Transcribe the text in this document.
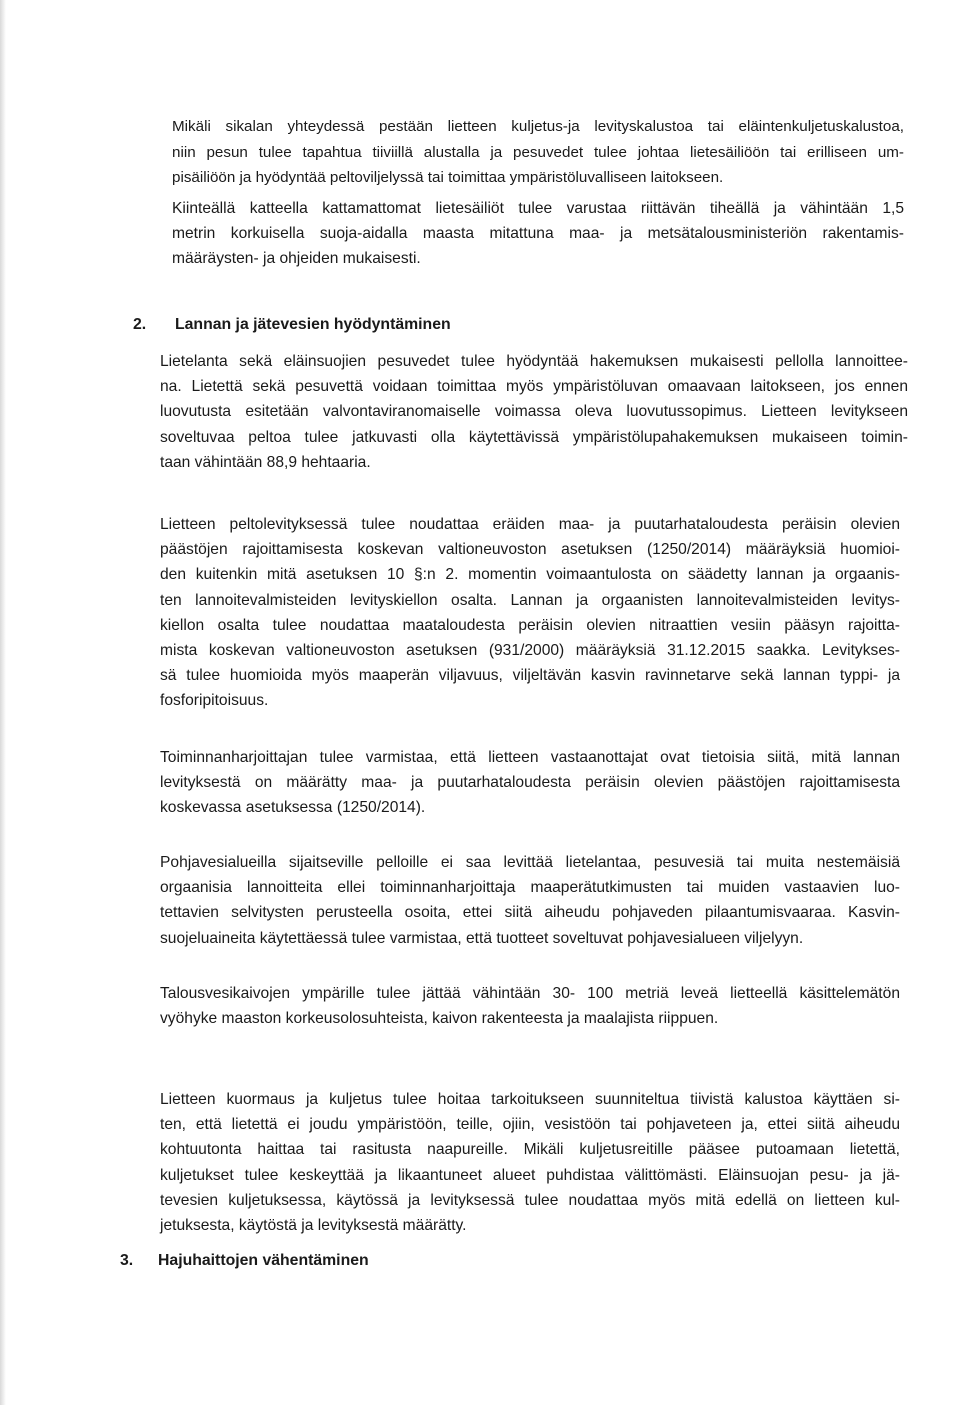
Mikäli sikalan yhteydessä pestään lietteen kuljetus-ja levityskalustoa tai eläintenkuljetuskalustoa,
niin pesun tulee tapahtua tiiviillä alustalla ja pesuvedet tulee johtaa lietesäiliöön tai erilliseen um-
pisäiliöön ja hyödyntää peltoviljelyssä tai toimittaa ympäristöluvalliseen laitokseen.

Kiinteällä katteella kattamattomat lietesäiliöt tulee varustaa riittävän tiheällä ja vähintään 1,5
metrin korkuisella suoja-aidalla maasta mitattuna maa- ja metsätalousministeriön rakentamis-
määräysten- ja ohjeiden mukaisesti.

2. Lannan ja jätevesien hyödyntäminen

Lietelanta sekä eläinsuojien pesuvedet tulee hyödyntää hakemuksen mukaisesti pellolla lannoittee-
na. Lietettä sekä pesuvettä voidaan toimittaa myös ympäristöluvan omaavaan laitokseen, jos ennen
luovutusta esitetään valvontaviranomaiselle voimassa oleva luovutussopimus. Lietteen levitykseen
soveltuvaa peltoa tulee jatkuvasti olla käytettävissä ympäristölupahakemuksen mukaiseen toimin-
taan vähintään 88,9 hehtaaria.

Lietteen peltolevityksessä tulee noudattaa eräiden maa- ja puutarhataloudesta peräisin olevien
päästöjen rajoittamisesta koskevan valtioneuvoston asetuksen (1250/2014) määräyksiä huomioi-
den kuitenkin mitä asetuksen 10 §:n 2. momentin voimaantulosta on säädetty lannan ja orgaanis-
ten lannoitevalmisteiden levityskiellon osalta. Lannan ja orgaanisten lannoitevalmisteiden levitys-
kiellon osalta tulee noudattaa maataloudesta peräisin olevien nitraattien vesiin pääsyn rajoitta-
mista koskevan valtioneuvoston asetuksen (931/2000) määräyksiä 31.12.2015 saakka. Levitykses-
sä tulee huomioida myös maaperän viljavuus, viljeltävän kasvin ravinnetarve sekä lannan typpi- ja
fosforipitoisuus.

Toiminnanharjoittajan tulee varmistaa, että lietteen vastaanottajat ovat tietoisia siitä, mitä lannan
levityksestä on määrätty maa- ja puutarhataloudesta peräisin olevien päästöjen rajoittamisesta
koskevassa asetuksessa (1250/2014).

Pohjavesialueilla sijaitseville pelloille ei saa levittää lietelantaa, pesuvesiä tai muita nestemäisiä
orgaanisia lannoitteita ellei toiminnanharjoittaja maaperätutkimusten tai muiden vastaavien luo-
tettavien selvitysten perusteella osoita, ettei siitä aiheudu pohjaveden pilaantumisvaaraa. Kasvin-
suojeluaineita käytettäessä tulee varmistaa, että tuotteet soveltuvat pohjavesialueen viljelyyn.

Talousvesikaivojen ympärille tulee jättää vähintään 30- 100 metriä leveä lietteellä käsittelemätön
vyöhyke maaston korkeusolosuhteista, kaivon rakenteesta ja maalajista riippuen.

Lietteen kuormaus ja kuljetus tulee hoitaa tarkoitukseen suunniteltua tiivistä kalustoa käyttäen si-
ten, että lietettä ei joudu ympäristöön, teille, ojiin, vesistöön tai pohjaveteen ja, ettei siitä aiheudu
kohtuutonta haittaa tai rasitusta naapureille. Mikäli kuljetusreitille pääsee putoamaan lietettä,
kuljetukset tulee keskeyttää ja likaantuneet alueet puhdistaa välittömästi. Eläinsuojan pesu- ja jä-
tevesien kuljetuksessa, käytössä ja levityksessä tulee noudattaa myös mitä edellä on lietteen kul-
jetuksesta, käytöstä ja levityksestä määrätty.

3. Hajuhaittojen vähentäminen
